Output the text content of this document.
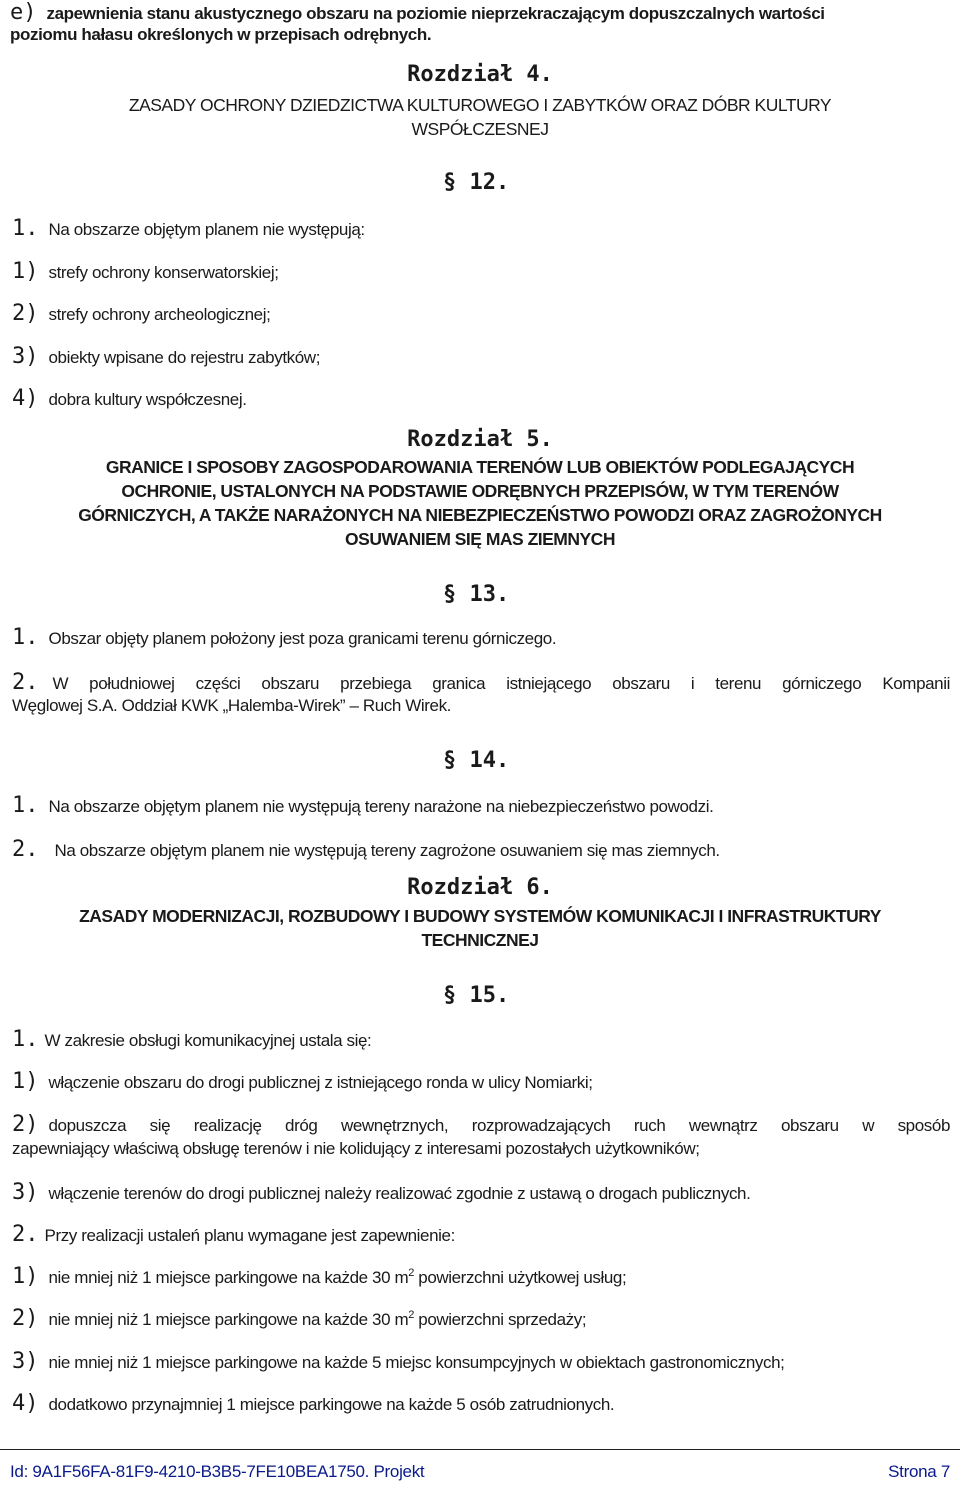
e) zapewnienia stanu akustycznego obszaru na poziomie nieprzekraczającym dopuszczalnych wartości
poziomu hałasu określonych w przepisach odrębnych.
Rozdział 4.
ZASADY OCHRONY DZIEDZICTWA KULTUROWEGO I ZABYTKÓW ORAZ DÓBR KULTURY
WSPÓŁCZESNEJ
§ 12.
1. Na obszarze objętym planem nie występują:
1) strefy ochrony konserwatorskiej;
2) strefy ochrony archeologicznej;
3) obiekty wpisane do rejestru zabytków;
4) dobra kultury współczesnej.
Rozdział 5.
GRANICE I SPOSOBY ZAGOSPODAROWANIA TERENÓW LUB OBIEKTÓW PODLEGAJĄCYCH
OCHRONIE, USTALONYCH NA PODSTAWIE ODRĘBNYCH PRZEPISÓW, W TYM TERENÓW
GÓRNICZYCH, A TAKŻE NARAŻONYCH NA NIEBEZPIECZEŃSTWO POWODZI ORAZ ZAGROŻONYCH
OSUWANIEM SIĘ MAS ZIEMNYCH
§ 13.
1. Obszar objęty planem położony jest poza granicami terenu górniczego.
2. W południowej części obszaru przebiega granica istniejącego obszaru i terenu górniczego Kompanii
Węglowej S.A. Oddział KWK „Halemba-Wirek” – Ruch Wirek.
§ 14.
1. Na obszarze objętym planem nie występują tereny narażone na niebezpieczeństwo powodzi.
2. Na obszarze objętym planem nie występują tereny zagrożone osuwaniem się mas ziemnych.
Rozdział 6.
ZASADY MODERNIZACJI, ROZBUDOWY I BUDOWY SYSTEMÓW KOMUNIKACJI I INFRASTRUKTURY
TECHNICZNEJ
§ 15.
1. W zakresie obsługi komunikacyjnej ustala się:
1) włączenie obszaru do drogi publicznej z istniejącego ronda w ulicy Nomiarki;
2) dopuszcza się realizację dróg wewnętrznych, rozprowadzających ruch wewnątrz obszaru w sposób
zapewniający właściwą obsługę terenów i nie kolidujący z interesami pozostałych użytkowników;
3) włączenie terenów do drogi publicznej należy realizować zgodnie z ustawą o drogach publicznych.
2. Przy realizacji ustaleń planu wymagane jest zapewnienie:
1) nie mniej niż 1 miejsce parkingowe na każde 30 $m^2$ powierzchni użytkowej usług;
2) nie mniej niż 1 miejsce parkingowe na każde 30 $m^2$ powierzchni sprzedaży;
3) nie mniej niż 1 miejsce parkingowe na każde 5 miejsc konsumpcyjnych w obiektach gastronomicznych;
4) dodatkowo przynajmniej 1 miejsce parkingowe na każde 5 osób zatrudnionych.
Id: 9A1F56FA-81F9-4210-B3B5-7FE10BEA1750. Projekt	Strona 7
